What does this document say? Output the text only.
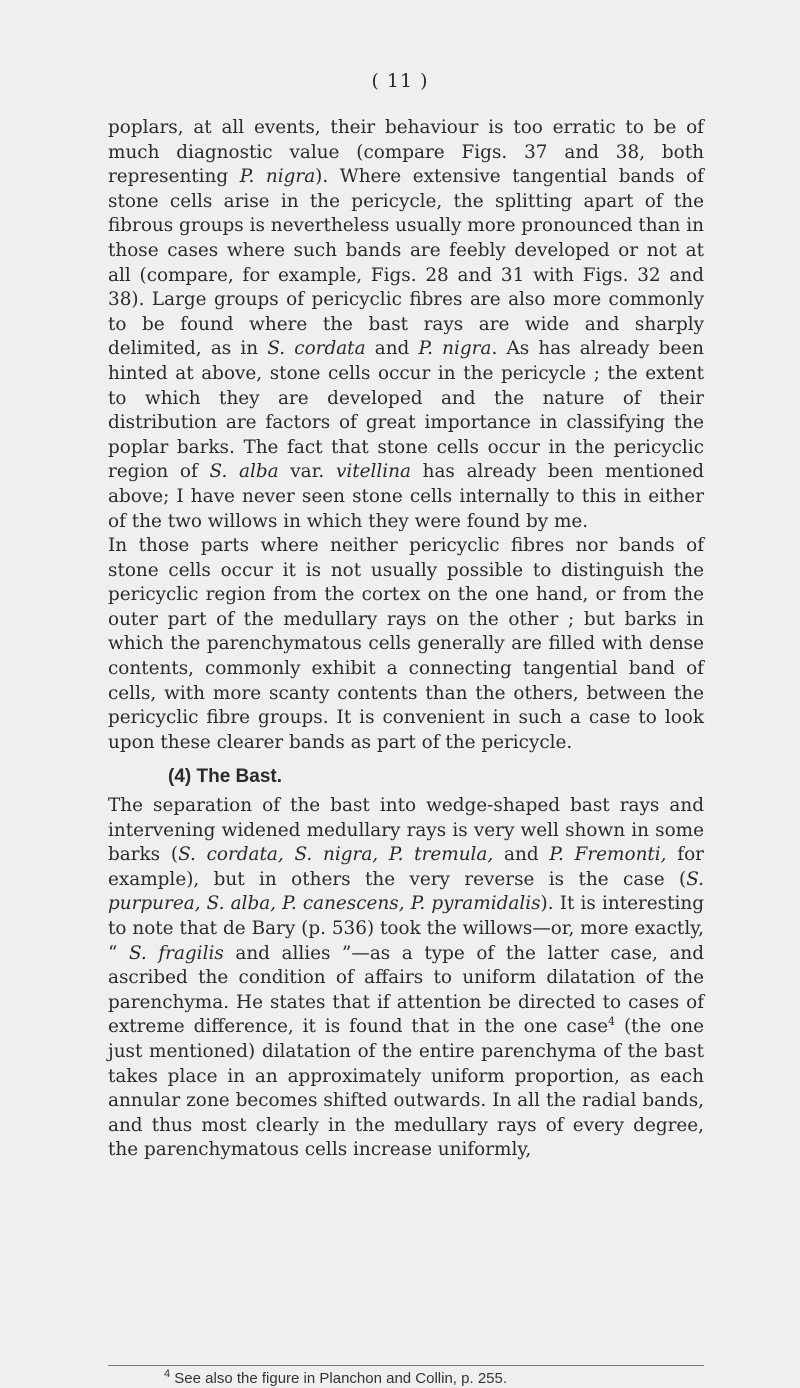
( 11 )

poplars, at all events, their behaviour is too erratic to be of much diagnostic value (compare Figs. 37 and 38, both representing P. nigra). Where extensive tangential bands of stone cells arise in the pericycle, the splitting apart of the fibrous groups is nevertheless usually more pronounced than in those cases where such bands are feebly developed or not at all (compare, for example, Figs. 28 and 31 with Figs. 32 and 38). Large groups of pericyclic fibres are also more commonly to be found where the bast rays are wide and sharply delimited, as in S. cordata and P. nigra. As has already been hinted at above, stone cells occur in the pericycle ; the extent to which they are developed and the nature of their distribution are factors of great importance in classifying the poplar barks. The fact that stone cells occur in the pericyclic region of S. alba var. vitellina has already been mentioned above; I have never seen stone cells internally to this in either of the two willows in which they were found by me.

In those parts where neither pericyclic fibres nor bands of stone cells occur it is not usually possible to distinguish the pericyclic region from the cortex on the one hand, or from the outer part of the medullary rays on the other ; but barks in which the parenchymatous cells generally are filled with dense contents, commonly exhibit a connecting tangential band of cells, with more scanty contents than the others, between the pericyclic fibre groups. It is convenient in such a case to look upon these clearer bands as part of the pericycle.

(4) The Bast.

The separation of the bast into wedge-shaped bast rays and intervening widened medullary rays is very well shown in some barks (S. cordata, S. nigra, P. tremula, and P. Fremonti, for example), but in others the very reverse is the case (S. purpurea, S. alba, P. canescens, P. pyramidalis). It is interesting to note that de Bary (p. 536) took the willows—or, more exactly, “ S. fragilis and allies ”—as a type of the latter case, and ascribed the condition of affairs to uniform dilatation of the parenchyma. He states that if attention be directed to cases of extreme difference, it is found that in the one case$^4$ (the one just mentioned) dilatation of the entire parenchyma of the bast takes place in an approximately uniform proportion, as each annular zone becomes shifted outwards. In all the radial bands, and thus most clearly in the medullary rays of every degree, the parenchymatous cells increase uniformly,

$^4$ See also the figure in Planchon and Collin, p. 255.
